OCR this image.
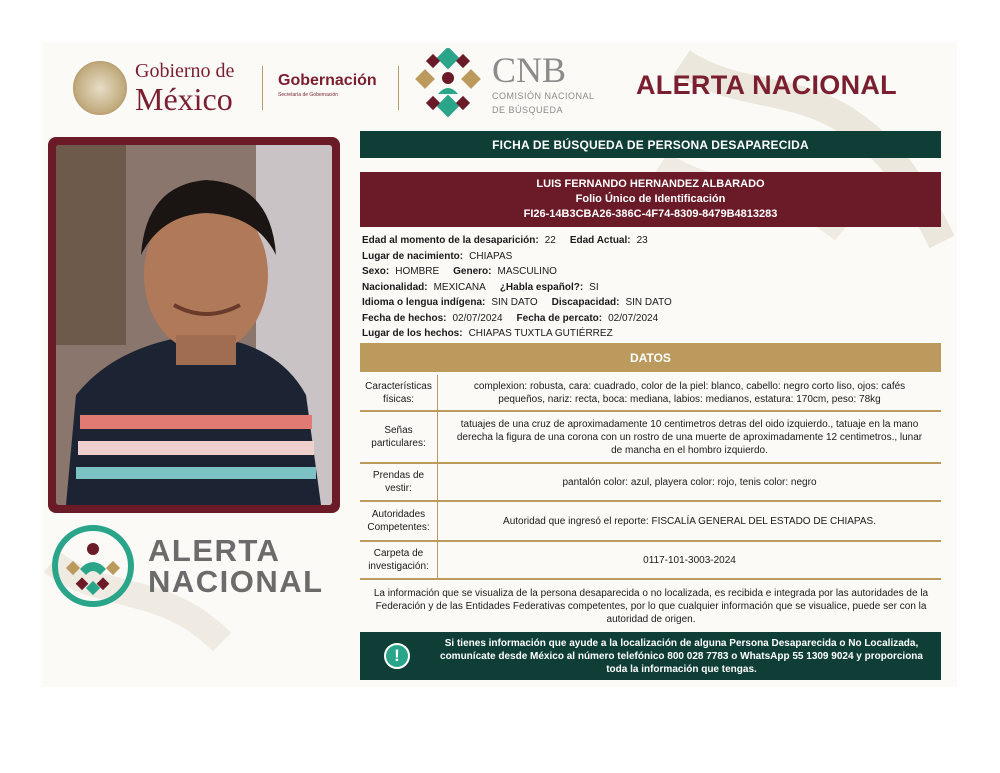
Gobierno de
México
Gobernación
Secretaría de Gobernación
CNB
COMISIÓN NACIONAL
DE BÚSQUEDA
ALERTA NACIONAL
ALERTA
NACIONAL
FICHA DE BÚSQUEDA DE PERSONA DESAPARECIDA
LUIS FERNANDO HERNANDEZ ALBARADO
Folio Único de Identificación
FI26-14B3CBA26-386C-4F74-8309-8479B4813283
Edad al momento de la desaparición: 22 Edad Actual: 23
Lugar de nacimiento: CHIAPAS
Sexo: HOMBRE Genero: MASCULINO
Nacionalidad: MEXICANA ¿Habla español?: SI
Idioma o lengua indígena: SIN DATO Discapacidad: SIN DATO
Fecha de hechos: 02/07/2024 Fecha de percato: 02/07/2024
Lugar de los hechos: CHIAPAS TUXTLA GUTIÉRREZ
DATOS
Características físicas:
complexion: robusta, cara: cuadrado, color de la piel: blanco, cabello: negro corto liso, ojos: cafés pequeños, nariz: recta, boca: mediana, labios: medianos, estatura: 170cm, peso: 78kg
Señas particulares:
tatuajes de una cruz de aproximadamente 10 centimetros detras del oido izquierdo., tatuaje en la mano derecha la figura de una corona con un rostro de una muerte de aproximadamente 12 centimetros., lunar de mancha en el hombro izquierdo.
Prendas de vestir:
pantalón color: azul, playera color: rojo, tenis color: negro
Autoridades Competentes:
Autoridad que ingresó el reporte: FISCALÍA GENERAL DEL ESTADO DE CHIAPAS.
Carpeta de investigación:
0117-101-3003-2024
La información que se visualiza de la persona desaparecida o no localizada, es recibida e integrada por las autoridades de la Federación y de las Entidades Federativas competentes, por lo que cualquier información que se visualice, puede ser con la autoridad de origen.
!
Si tienes información que ayude a la localización de alguna Persona Desaparecida o No Localizada, comunícate desde México al número telefónico 800 028 7783 o WhatsApp 55 1309 9024 y proporciona toda la información que tengas.
